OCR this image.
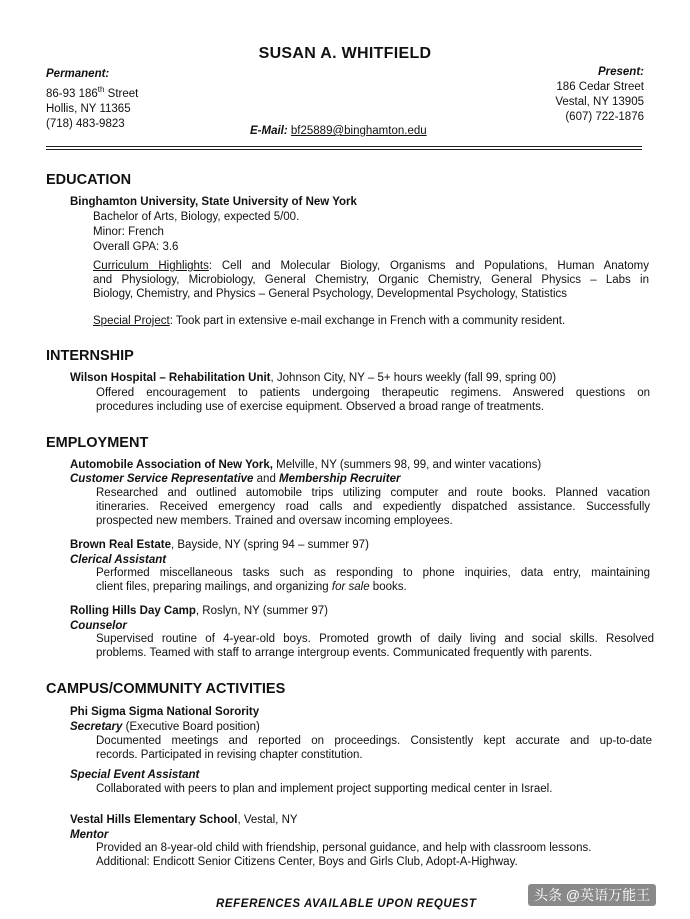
SUSAN A. WHITFIELD
Permanent:
86-93 186th Street
Hollis, NY 11365
(718) 483-9823
Present:
186 Cedar Street
Vestal, NY 13905
(607) 722-1876
E-Mail: bf25889@binghamton.edu
EDUCATION
Binghamton University, State University of New York
Bachelor of Arts, Biology, expected 5/00.
Minor: French
Overall GPA: 3.6
Curriculum Highlights: Cell and Molecular Biology, Organisms and Populations, Human Anatomy
and Physiology, Microbiology, General Chemistry, Organic Chemistry, General Physics – Labs in
Biology, Chemistry, and Physics – General Psychology, Developmental Psychology, Statistics
Special Project: Took part in extensive e-mail exchange in French with a community resident.
INTERNSHIP
Wilson Hospital – Rehabilitation Unit, Johnson City, NY – 5+ hours weekly (fall 99, spring 00)
Offered encouragement to patients undergoing therapeutic regimens. Answered questions on
procedures including use of exercise equipment. Observed a broad range of treatments.
EMPLOYMENT
Automobile Association of New York, Melville, NY (summers 98, 99, and winter vacations)
Customer Service Representative and Membership Recruiter
Researched and outlined automobile trips utilizing computer and route books. Planned vacation
itineraries. Received emergency road calls and expediently dispatched assistance. Successfully
prospected new members. Trained and oversaw incoming employees.
Brown Real Estate, Bayside, NY (spring 94 – summer 97)
Clerical Assistant
Performed miscellaneous tasks such as responding to phone inquiries, data entry, maintaining
client files, preparing mailings, and organizing for sale books.
Rolling Hills Day Camp, Roslyn, NY (summer 97)
Counselor
Supervised routine of 4-year-old boys. Promoted growth of daily living and social skills. Resolved
problems. Teamed with staff to arrange intergroup events. Communicated frequently with parents.
CAMPUS/COMMUNITY ACTIVITIES
Phi Sigma Sigma National Sorority
Secretary (Executive Board position)
Documented meetings and reported on proceedings. Consistently kept accurate and up-to-date
records. Participated in revising chapter constitution.
Special Event Assistant
Collaborated with peers to plan and implement project supporting medical center in Israel.
Vestal Hills Elementary School, Vestal, NY
Mentor
Provided an 8-year-old child with friendship, personal guidance, and help with classroom lessons.
Additional: Endicott Senior Citizens Center, Boys and Girls Club, Adopt-A-Highway.
REFERENCES AVAILABLE UPON REQUEST
头条 @英语万能王
